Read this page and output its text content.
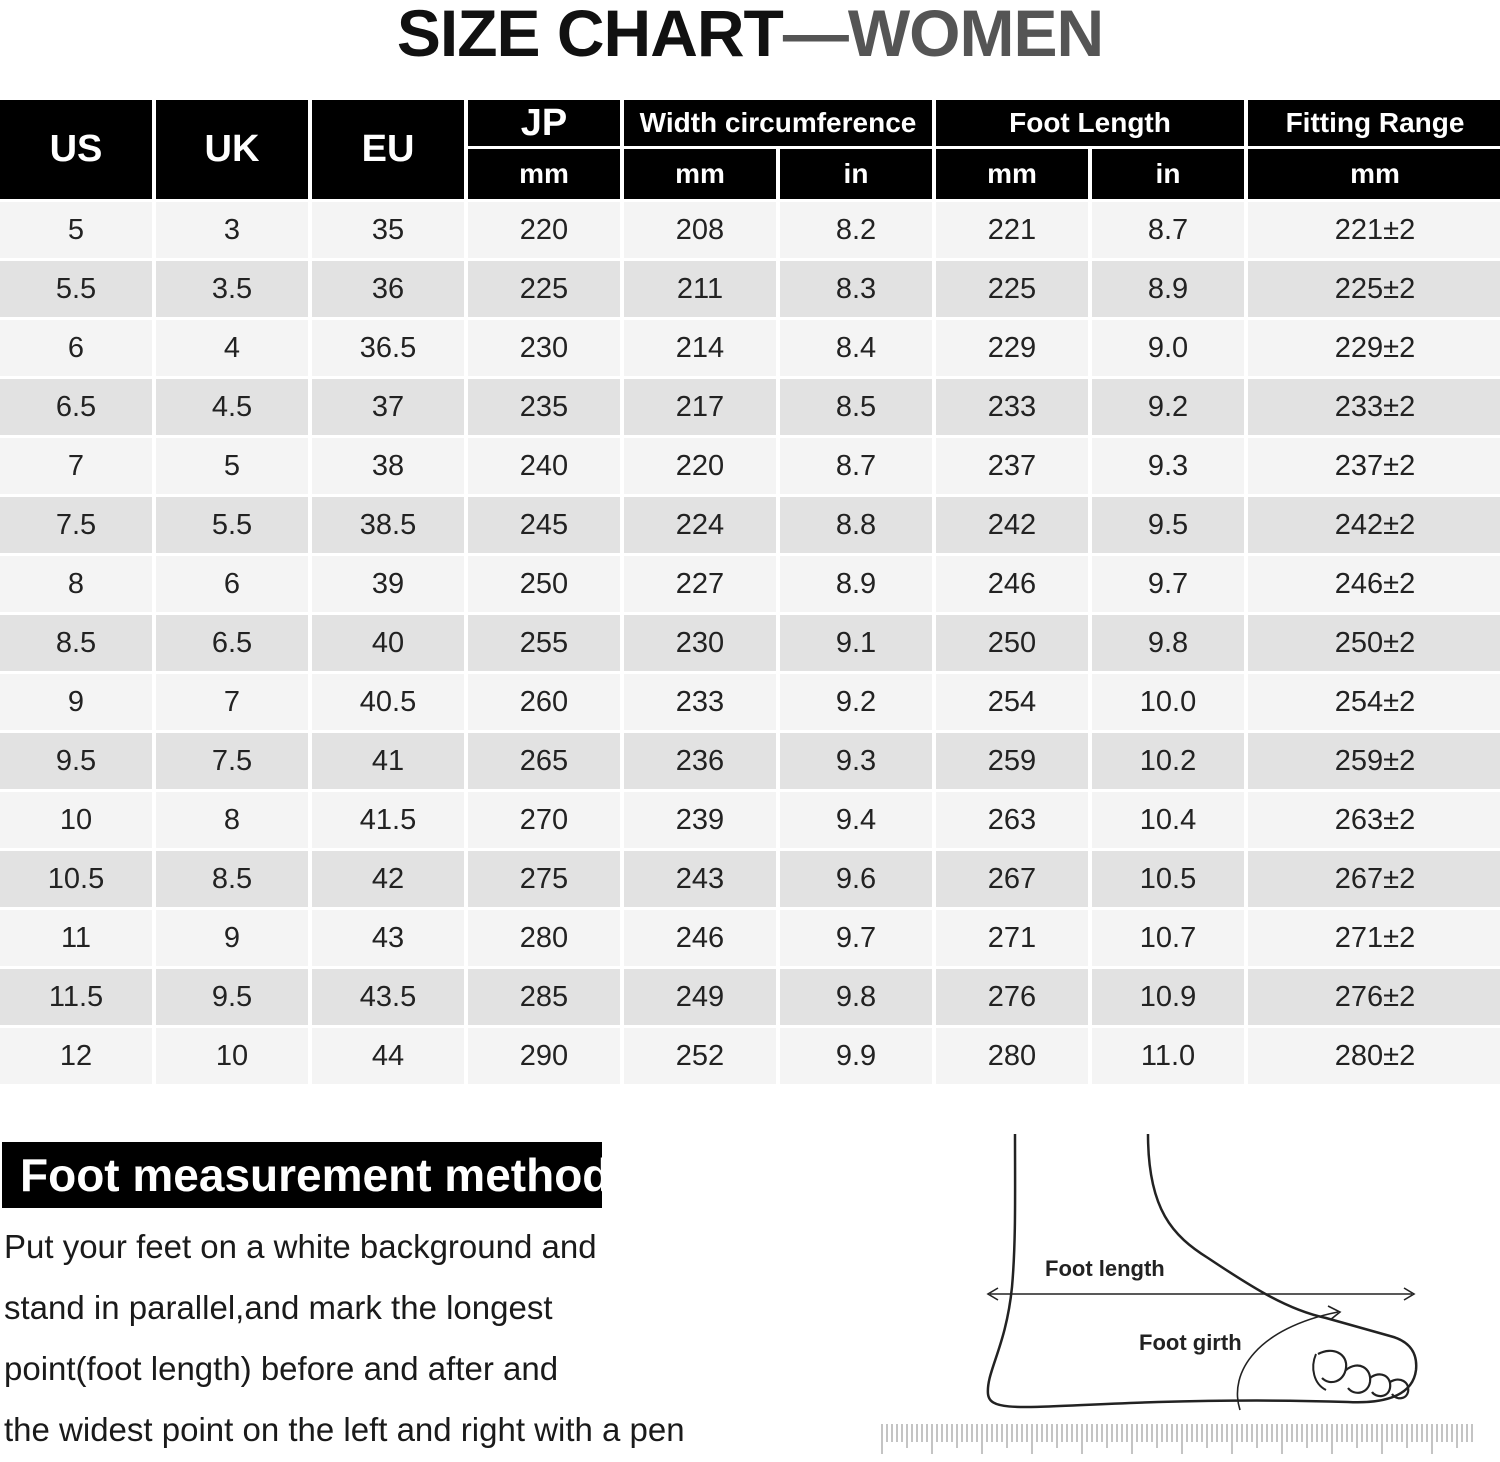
SIZE CHART—WOMEN
US	UK	EU
JP	Width circumference	Foot Length	Fitting Range
mm	mm	in	mm	in	mm
5	3	35	220	208	8.2	221	8.7	221±2
5.5	3.5	36	225	211	8.3	225	8.9	225±2
6	4	36.5	230	214	8.4	229	9.0	229±2
6.5	4.5	37	235	217	8.5	233	9.2	233±2
7	5	38	240	220	8.7	237	9.3	237±2
7.5	5.5	38.5	245	224	8.8	242	9.5	242±2
8	6	39	250	227	8.9	246	9.7	246±2
8.5	6.5	40	255	230	9.1	250	9.8	250±2
9	7	40.5	260	233	9.2	254	10.0	254±2
9.5	7.5	41	265	236	9.3	259	10.2	259±2
10	8	41.5	270	239	9.4	263	10.4	263±2
10.5	8.5	42	275	243	9.6	267	10.5	267±2
11	9	43	280	246	9.7	271	10.7	271±2
11.5	9.5	43.5	285	249	9.8	276	10.9	276±2
12	10	44	290	252	9.9	280	11.0	280±2
Foot measurement method

Put your feet on a white background and

stand in parallel,and mark the longest

point(foot length) before and after and

the widest point on the left and right with a pen

Foot length
Foot girth
